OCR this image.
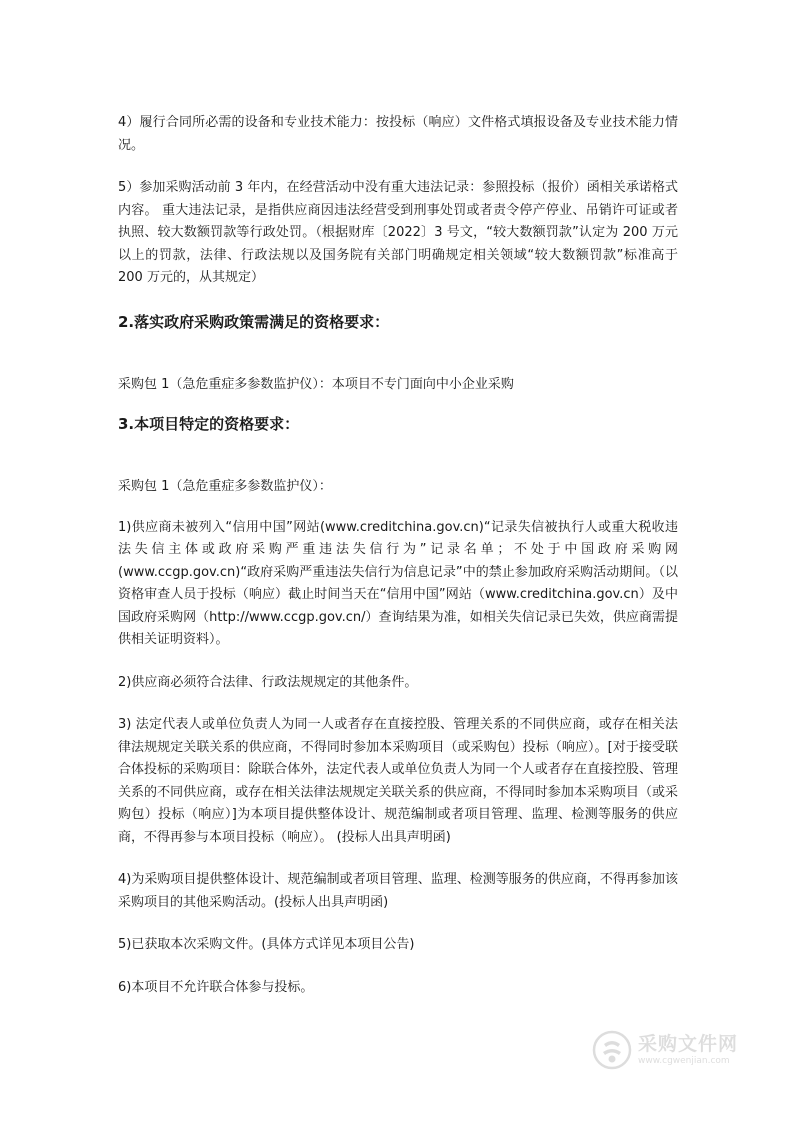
4）履行合同所必需的设备和专业技术能力：按投标（响应）文件格式填报设备及专业技术能力情况。

5）参加采购活动前 3 年内，在经营活动中没有重大违法记录：参照投标（报价）函相关承诺格式内容。 重大违法记录，是指供应商因违法经营受到刑事处罚或者责令停产停业、吊销许可证或者执照、较大数额罚款等行政处罚。（根据财库〔2022〕3 号文，“较大数额罚款”认定为 200 万元以上的罚款，法律、行政法规以及国务院有关部门明确规定相关领域“较大数额罚款”标准高于 200 万元的，从其规定）

2.落实政府采购政策需满足的资格要求：

采购包 1（急危重症多参数监护仪）：本项目不专门面向中小企业采购

3.本项目特定的资格要求：

采购包 1（急危重症多参数监护仪）：

1)供应商未被列入“信用中国”网站(www.creditchina.gov.cn)“记录失信被执行人或重大税收违法失信主体或政府采购严重违法失信行为”记录名单；不处于中国政府采购网(www.ccgp.gov.cn)“政府采购严重违法失信行为信息记录”中的禁止参加政府采购活动期间。（以资格审查人员于投标（响应）截止时间当天在“信用中国”网站（www.creditchina.gov.cn）及中国政府采购网（http://www.ccgp.gov.cn/）查询结果为准，如相关失信记录已失效，供应商需提供相关证明资料）。

2)供应商必须符合法律、行政法规规定的其他条件。

3) 法定代表人或单位负责人为同一人或者存在直接控股、管理关系的不同供应商，或存在相关法律法规规定关联关系的供应商，不得同时参加本采购项目（或采购包）投标（响应）。[对于接受联合体投标的采购项目：除联合体外，法定代表人或单位负责人为同一个人或者存在直接控股、管理关系的不同供应商，或存在相关法律法规规定关联关系的供应商，不得同时参加本采购项目（或采购包）投标（响应）]为本项目提供整体设计、规范编制或者项目管理、监理、检测等服务的供应商，不得再参与本项目投标（响应）。 (投标人出具声明函)

4)为采购项目提供整体设计、规范编制或者项目管理、监理、检测等服务的供应商，不得再参加该采购项目的其他采购活动。(投标人出具声明函)

5)已获取本次采购文件。(具体方式详见本项目公告)

6)本项目不允许联合体参与投标。

采购文件网
www.cgwenjian.com
